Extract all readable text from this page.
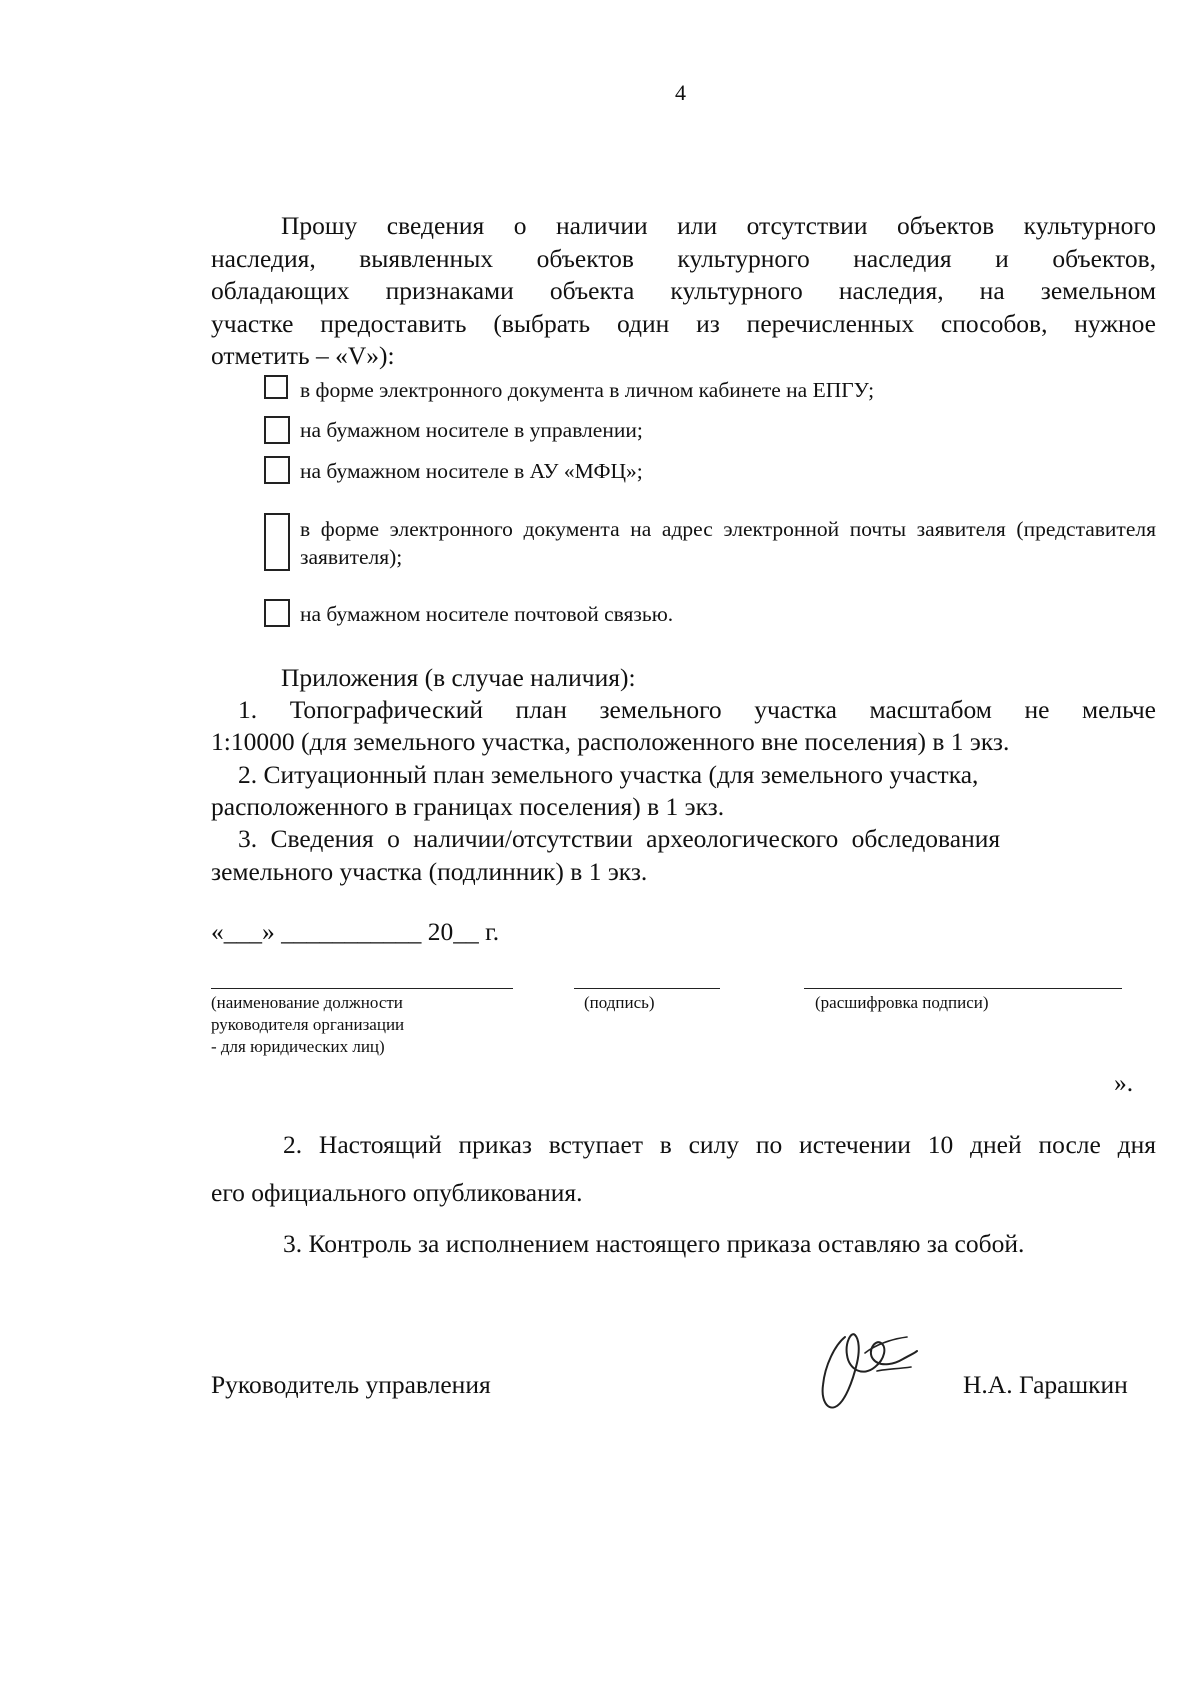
4
Прошу сведения о наличии или отсутствии объектов культурного
наследия, выявленных объектов культурного наследия и объектов,
обладающих признаками объекта культурного наследия, на земельном
участке предоставить (выбрать один из перечисленных способов, нужное
отметить – «V»):
в форме электронного документа в личном кабинете на ЕПГУ;
на бумажном носителе в управлении;
на бумажном носителе в АУ «МФЦ»;
в форме электронного документа на адрес электронной почты заявителя (представителя заявителя);
на бумажном носителе почтовой связью.
Приложения (в случае наличия):
1. Топографический план земельного участка масштабом не мельче
1:10000 (для земельного участка, расположенного вне поселения) в 1 экз.
2. Ситуационный план земельного участка (для земельного участка,
расположенного в границах поселения) в 1 экз.
3. Сведения о наличии/отсутствии археологического обследования
земельного участка (подлинник) в 1 экз.
«___» ___________ 20__ г.
(наименование должности
руководителя организации
- для юридических лиц)
(подпись)	(расшифровка подписи)
».
2. Настоящий приказ вступает в силу по истечении 10 дней после дня
его официального опубликования.
3. Контроль за исполнением настоящего приказа оставляю за собой.
Руководитель управления	Н.А. Гарашкин
